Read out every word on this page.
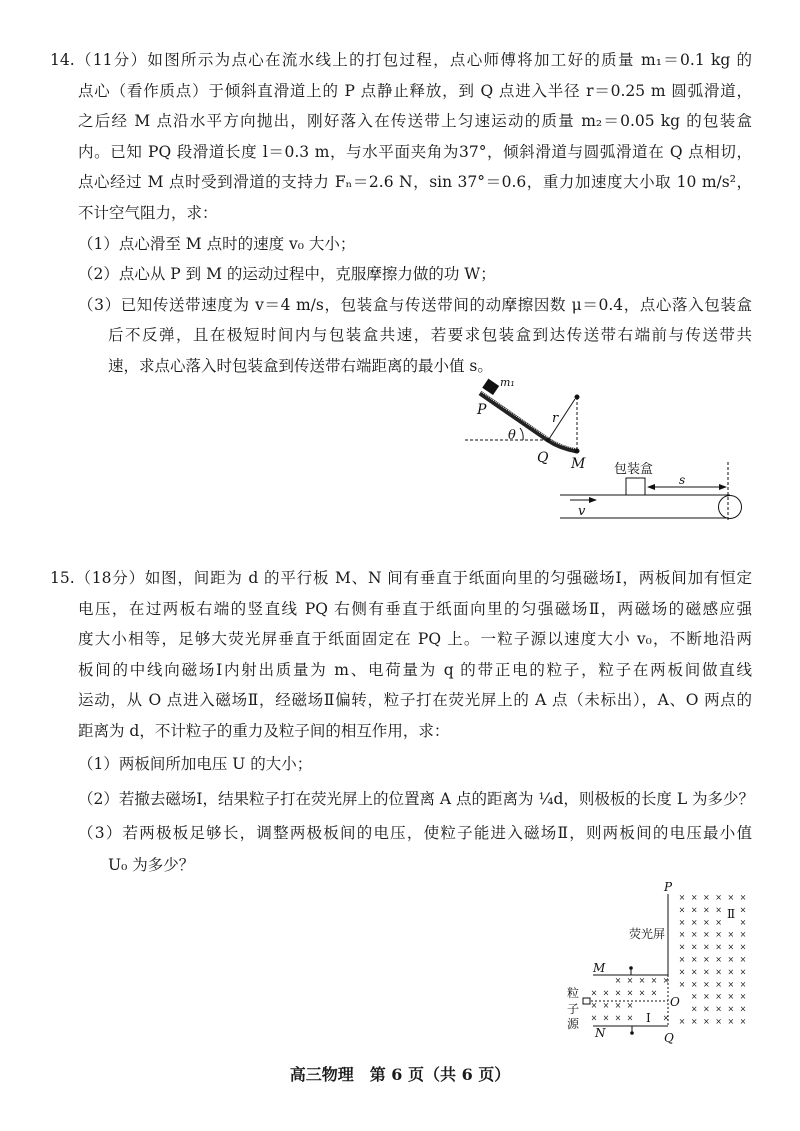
14.（11分）如图所示为点心在流水线上的打包过程，点心师傅将加工好的质量 m₁＝0.1 kg 的
点心（看作质点）于倾斜直滑道上的 P 点静止释放，到 Q 点进入半径 r＝0.25 m 圆弧滑道，
之后经 M 点沿水平方向抛出，刚好落入在传送带上匀速运动的质量 m₂＝0.05 kg 的包装盒
内。已知 PQ 段滑道长度 l＝0.3 m，与水平面夹角为37°，倾斜滑道与圆弧滑道在 Q 点相切，
点心经过 M 点时受到滑道的支持力 Fₙ＝2.6 N，sin 37°＝0.6，重力加速度大小取 10 m/s²，
不计空气阻力，求：
（1）点心滑至 M 点时的速度 v₀ 大小；
（2）点心从 P 到 M 的运动过程中，克服摩擦力做的功 W；
（3）已知传送带速度为 v＝4 m/s，包装盒与传送带间的动摩擦因数 μ＝0.4，点心落入包装盒
后不反弹，且在极短时间内与包装盒共速，若要求包装盒到达传送带右端前与传送带共
速，求点心落入时包装盒到传送带右端距离的最小值 s。
m₁
P
θ
Q M
r
包装盒
s
v
15.（18分）如图，间距为 d 的平行板 M、N 间有垂直于纸面向里的匀强磁场Ⅰ，两板间加有恒定
电压，在过两板右端的竖直线 PQ 右侧有垂直于纸面向里的匀强磁场Ⅱ，两磁场的磁感应强
度大小相等，足够大荧光屏垂直于纸面固定在 PQ 上。一粒子源以速度大小 v₀，不断地沿两
板间的中线向磁场Ⅰ内射出质量为 m、电荷量为 q 的带正电的粒子，粒子在两板间做直线
运动，从 O 点进入磁场Ⅱ，经磁场Ⅱ偏转，粒子打在荧光屏上的 A 点（未标出），A、O 两点的
距离为 d，不计粒子的重力及粒子间的相互作用，求：
（1）两板间所加电压 U 的大小；
（2）若撤去磁场Ⅰ，结果粒子打在荧光屏上的位置离 A 点的距离为 ¼d，则极板的长度 L 为多少？
（3）若两极板足够长，调整两极板间的电压，使粒子能进入磁场Ⅱ，则两板间的电压最小值
U₀ 为多少？
× × × × × ×
× × × × ×
× × × × ×
× × × × × ×
× × × × × ×
× × × × × ×
× × × × × ×
× × × × × ×
× × × × ×
× × × × ×
× × × × × ×
× × × × ×
× × × × × ×
× × × ×
× × × ×	×
P
Q
M
N
O
Ⅰ
Ⅱ
荧光屏
粒
子
源
高三物理　第 6 页（共 6 页）
